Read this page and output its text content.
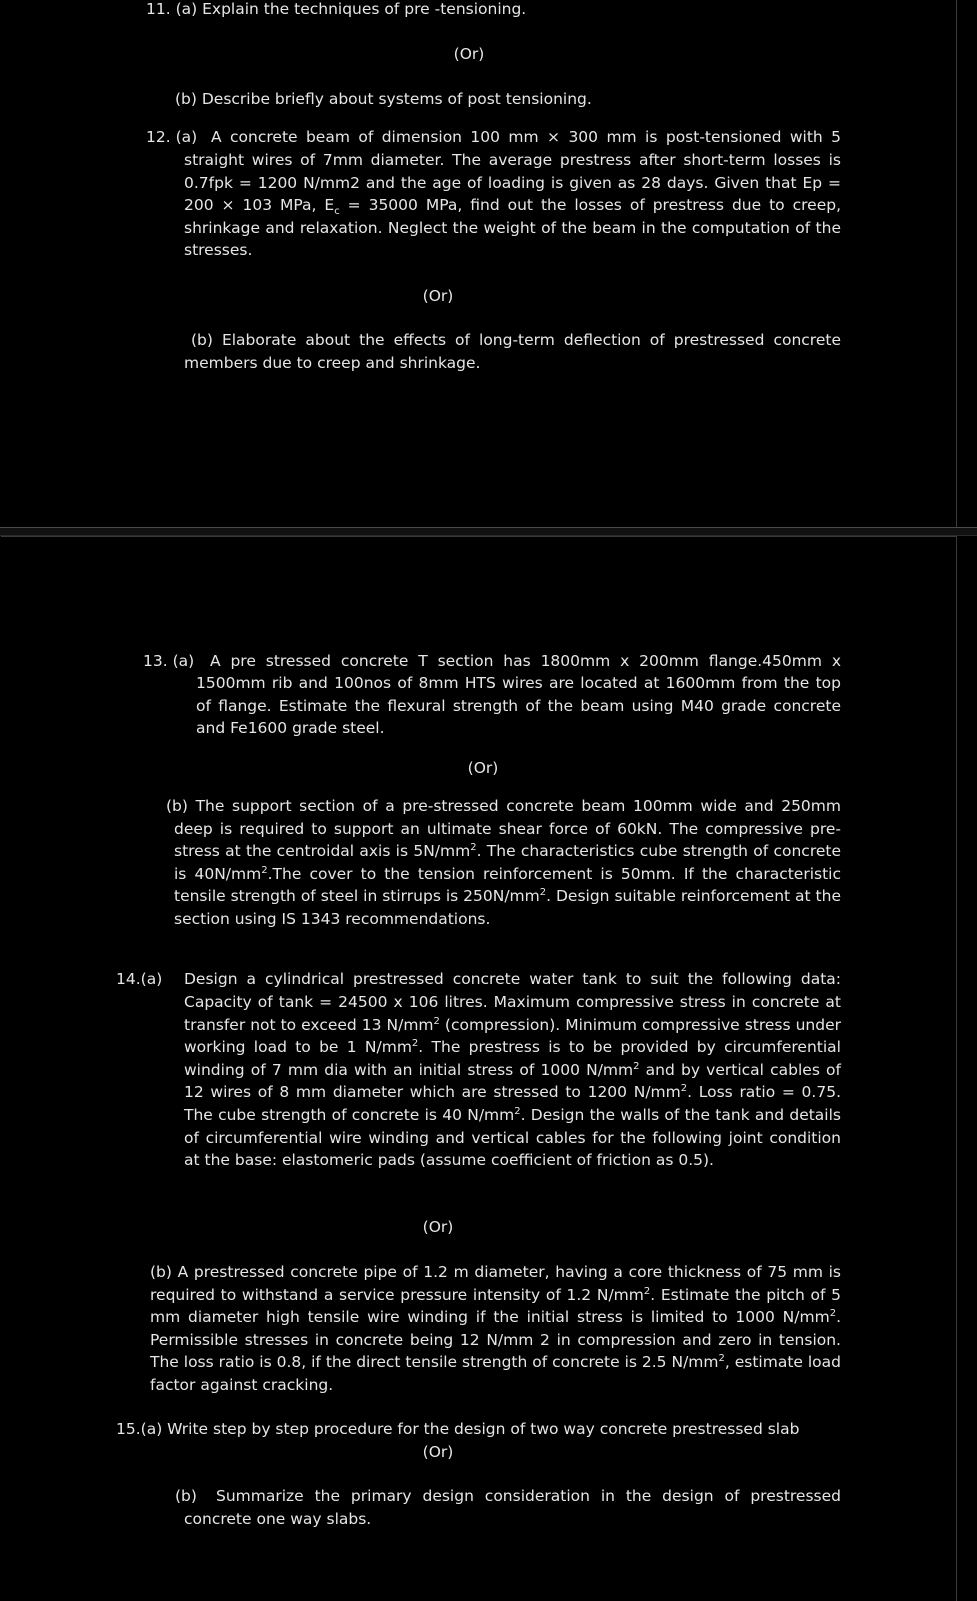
11. (a) Explain the techniques of pre -tensioning.
(Or)
(b) Describe briefly about systems of post tensioning.
12. (a) A concrete beam of dimension 100 mm × 300 mm is post-tensioned with 5
straight wires of 7mm diameter. The average prestress after short-term losses is 0.7fpk = 1200 N/mm2 and the age of loading is given as 28 days. Given that Ep = 200 × 103 MPa, $E_c = 35000$ MPa, find out the losses of prestress due to creep, shrinkage and relaxation. Neglect the weight of the beam in the computation of the stresses.
(Or)
(b) Elaborate about the effects of long-term deflection of prestressed concrete members due to creep and shrinkage.
13. (a) A pre stressed concrete T section has 1800mm x 200mm flange.450mm x
1500mm rib and 100nos of 8mm HTS wires are located at 1600mm from the top of flange. Estimate the flexural strength of the beam using M40 grade concrete and Fe1600 grade steel.
(Or)
(b) The support section of a pre-stressed concrete beam 100mm wide and 250mm deep is required to support an ultimate shear force of 60kN. The compressive pre-stress at the centroidal axis is $5N/mm^2$. The characteristics cube strength of concrete is $40N/mm^2.The$ cover to the tension reinforcement is 50mm. If the characteristic tensile strength of steel in stirrups is $250N/mm^2$. Design suitable reinforcement at the section using IS 1343 recommendations.
14.(a) Design a cylindrical prestressed concrete water tank to suit the following data:
Capacity of tank = 24500 x 106 litres. Maximum compressive stress in concrete at transfer not to exceed 13 $N/mm^2$ (compression). Minimum compressive stress under working load to be 1 $N/mm^2$. The prestress is to be provided by circumferential winding of 7 mm dia with an initial stress of 1000 $N/mm^2$ and by vertical cables of 12 wires of 8 mm diameter which are stressed to 1200 $N/mm^2$. Loss ratio = 0.75. The cube strength of concrete is 40 $N/mm^2$. Design the walls of the tank and details of circumferential wire winding and vertical cables for the following joint condition at the base: elastomeric pads (assume coefficient of friction as 0.5).
(Or)
(b) A prestressed concrete pipe of 1.2 m diameter, having a core thickness of 75 mm is required to withstand a service pressure intensity of 1.2 $N/mm^2$. Estimate the pitch of 5 mm diameter high tensile wire winding if the initial stress is limited to 1000 $N/mm^2$. Permissible stresses in concrete being 12 N/mm 2 in compression and zero in tension. The loss ratio is 0.8, if the direct tensile strength of concrete is 2.5 $N/mm^2$, estimate load factor against cracking.
15.(a) Write step by step procedure for the design of two way concrete prestressed slab
(Or)
(b) Summarize the primary design consideration in the design of prestressed
concrete one way slabs.
